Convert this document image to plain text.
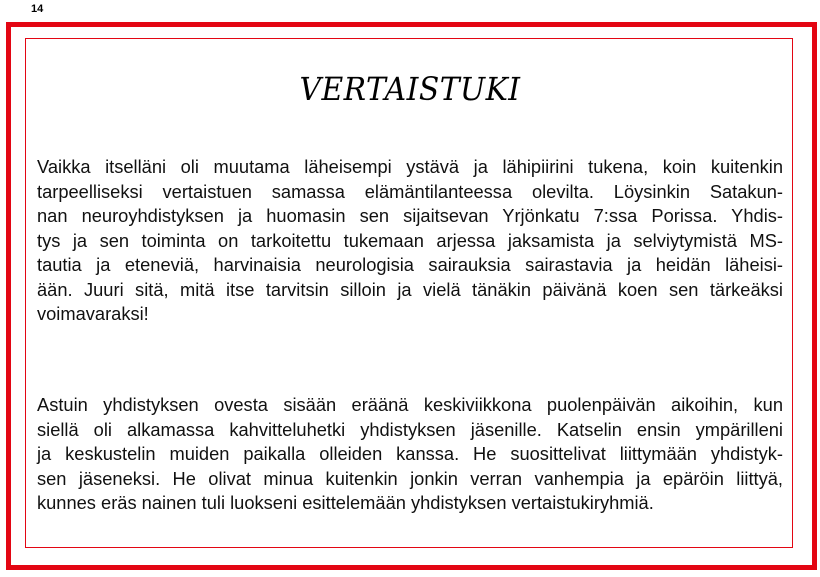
14
VERTAISTUKI
Vaikka itselläni oli muutama läheisempi ystävä ja lähipiirini tukena, koin kuitenkin
tarpeelliseksi vertaistuen samassa elämäntilanteessa olevilta. Löysinkin Satakun-
nan neuroyhdistyksen ja huomasin sen sijaitsevan Yrjönkatu 7:ssa Porissa. Yhdis-
tys ja sen toiminta on tarkoitettu tukemaan arjessa jaksamista ja selviytymistä MS-
tautia ja eteneviä, harvinaisia neurologisia sairauksia sairastavia ja heidän läheisi-
ään. Juuri sitä, mitä itse tarvitsin silloin ja vielä tänäkin päivänä koen sen tärkeäksi
voimavaraksi!
Astuin yhdistyksen ovesta sisään eräänä keskiviikkona puolenpäivän aikoihin, kun
siellä oli alkamassa kahvitteluhetki yhdistyksen jäsenille. Katselin ensin ympärilleni
ja keskustelin muiden paikalla olleiden kanssa. He suosittelivat liittymään yhdistyk-
sen jäseneksi. He olivat minua kuitenkin jonkin verran vanhempia ja epäröin liittyä,
kunnes eräs nainen tuli luokseni esittelemään yhdistyksen vertaistukiryhmiä.
